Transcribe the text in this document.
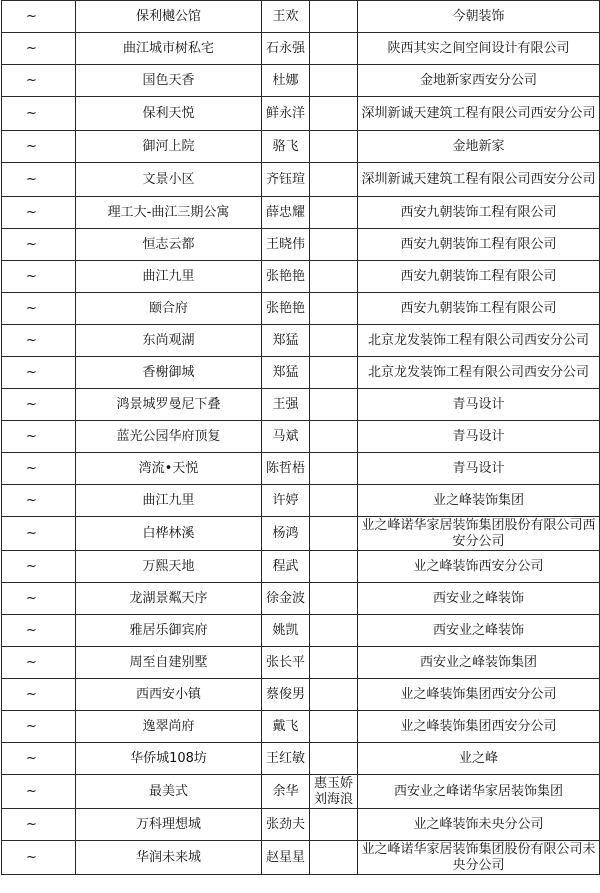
~	保利樾公馆	王欢		今朝装饰
~	曲江城市树私宅	石永强		陕西其实之间空间设计有限公司
~	国色天香	杜娜		金地新家西安分公司
~	保利天悦	鲜永洋		深圳新诚天建筑工程有限公司西安分公司
~	御河上院	骆飞		金地新家
~	文景小区	齐钰瑄		深圳新诚天建筑工程有限公司西安分公司
~	理工大-曲江三期公寓	薛忠耀		西安九朝装饰工程有限公司
~	恒志云都	王晓伟		西安九朝装饰工程有限公司
~	曲江九里	张艳艳		西安九朝装饰工程有限公司
~	颐合府	张艳艳		西安九朝装饰工程有限公司
~	东尚观湖	郑猛		北京龙发装饰工程有限公司西安分公司
~	香榭御城	郑猛		北京龙发装饰工程有限公司西安分公司
~	鸿景城罗曼尼下叠	王强		青马设计
~	蓝光公园华府顶复	马斌		青马设计
~	湾流•天悦	陈哲梧		青马设计
~	曲江九里	许婷		业之峰装饰集团
~	白桦林溪	杨鸿		业之峰诺华家居装饰集团股份有限公司西安分公司
~	万熙天地	程武		业之峰装饰西安分公司
~	龙湖景粼天序	徐金波		西安业之峰装饰
~	雅居乐御宾府	姚凯		西安业之峰装饰
~	周至自建别墅	张长平		西安业之峰装饰集团
~	西西安小镇	蔡俊男		业之峰装饰集团西安分公司
~	逸翠尚府	戴飞		业之峰装饰集团西安分公司
~	华侨城108坊	王红敏		业之峰
~	最美式	余华	惠玉娇 刘海浪	西安业之峰诺华家居装饰集团
~	万科理想城	张劲夫		业之峰装饰未央分公司
~	华润未来城	赵星星		业之峰诺华家居装饰集团股份有限公司未央分公司
